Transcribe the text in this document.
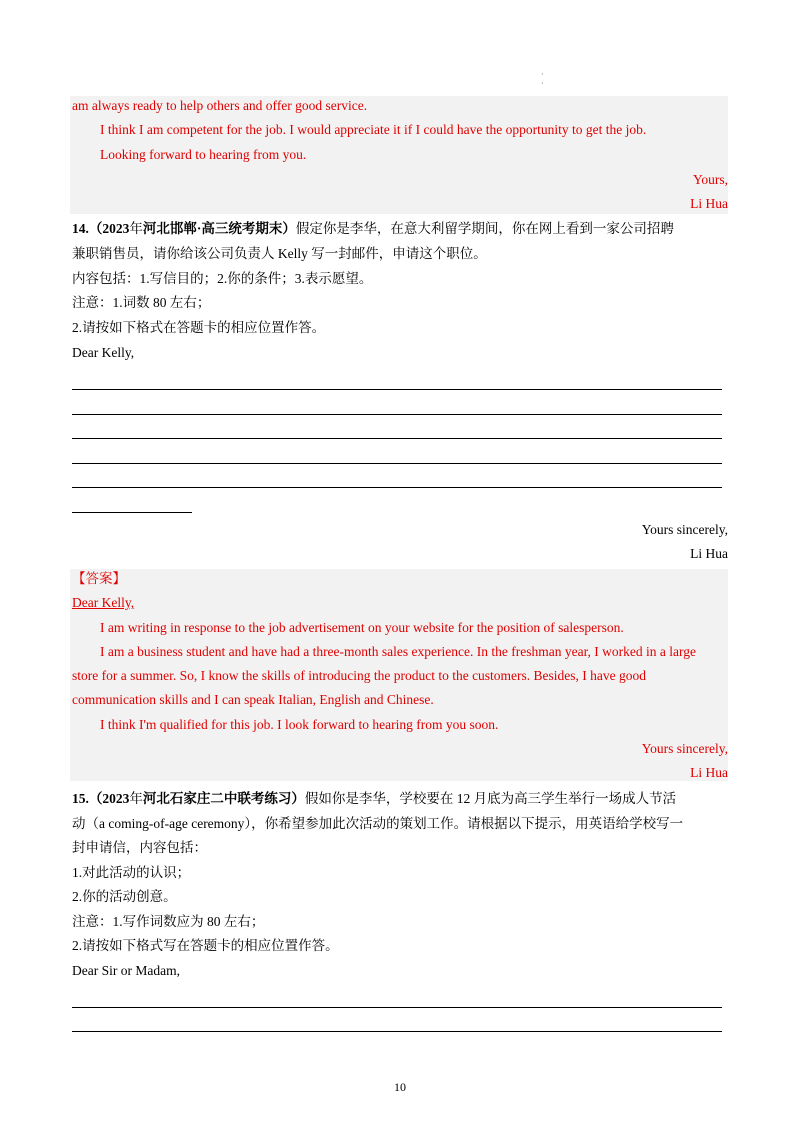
·
·
am always ready to help others and offer good service.
I think I am competent for the job. I would appreciate it if I could have the opportunity to get the job.
Looking forward to hearing from you.
Yours,
Li Hua
14.（2023年河北邯郸·高三统考期末）假定你是李华，在意大利留学期间，你在网上看到一家公司招聘
兼职销售员，请你给该公司负责人 Kelly 写一封邮件，申请这个职位。
内容包括：1.写信目的；2.你的条件；3.表示愿望。
注意：1.词数 80 左右；
2.请按如下格式在答题卡的相应位置作答。
Dear Kelly,
Yours sincerely,
Li Hua
【答案】
Dear Kelly,
I am writing in response to the job advertisement on your website for the position of salesperson.
I am a business student and have had a three-month sales experience. In the freshman year, I worked in a large
store for a summer. So, I know the skills of introducing the product to the customers. Besides, I have good
communication skills and I can speak Italian, English and Chinese.
I think I'm qualified for this job. I look forward to hearing from you soon.
Yours sincerely,
Li Hua
15.（2023年河北石家庄二中联考练习）假如你是李华，学校要在 12 月底为高三学生举行一场成人节活
动（a coming-of-age ceremony），你希望参加此次活动的策划工作。请根据以下提示，用英语给学校写一
封申请信，内容包括：
1.对此活动的认识；
2.你的活动创意。
注意：1.写作词数应为 80 左右；
2.请按如下格式写在答题卡的相应位置作答。
Dear Sir or Madam,
10
